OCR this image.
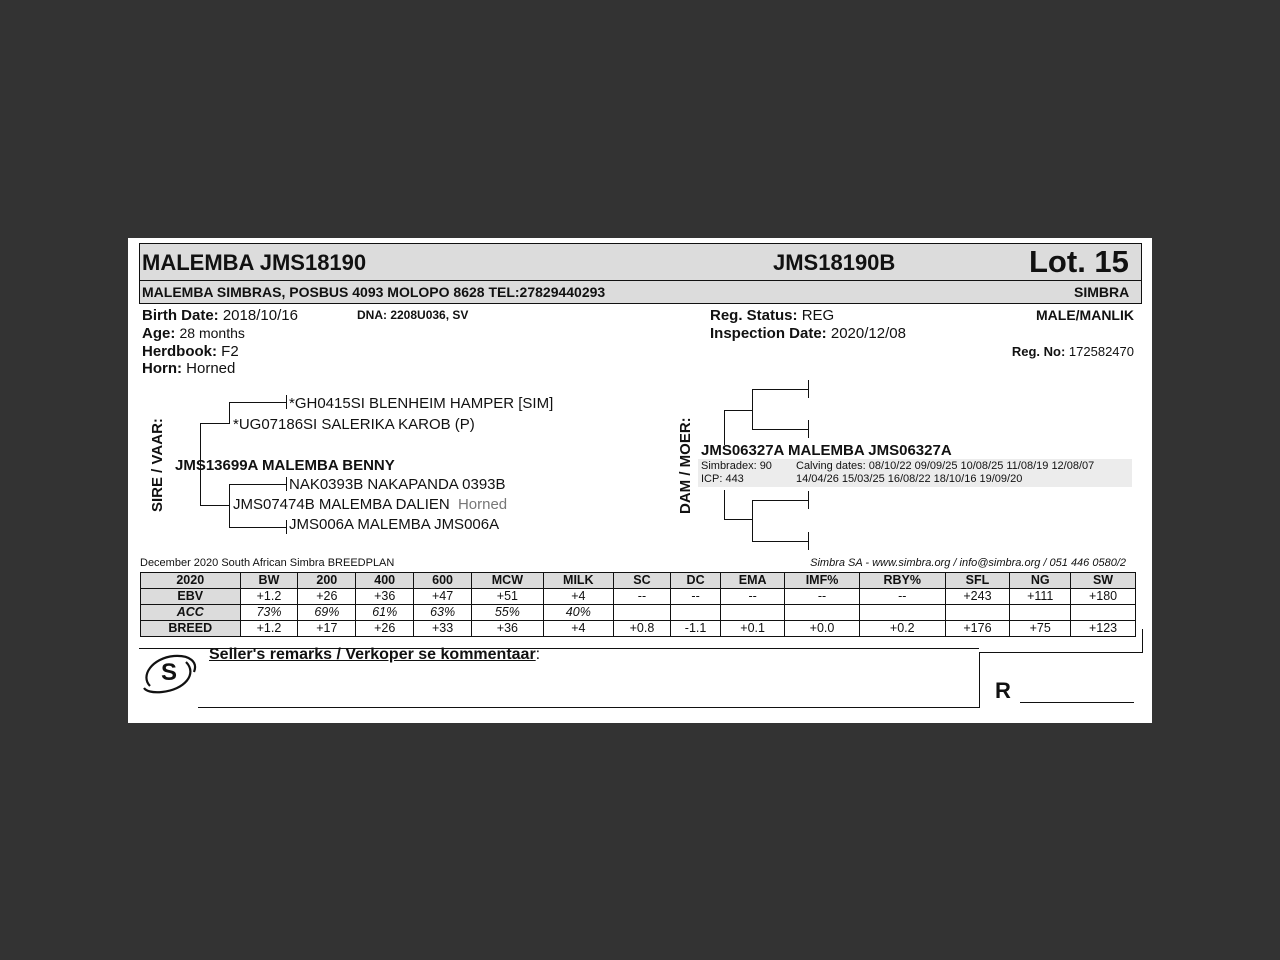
MALEMBA JMS18190	JMS18190B	Lot. 15
MALEMBA SIMBRAS, POSBUS 4093 MOLOPO 8628 TEL:27829440293	SIMBRA
Birth Date: 2018/10/16	DNA: 2208U036, SV
Age: 28 months
Herdbook: F2
Horn: Horned
Reg. Status: REG
Inspection Date: 2020/12/08
MALE/MANLIK
Reg. No: 172582470
SIRE / VAAR:
*GH0415SI BLENHEIM HAMPER [SIM]
*UG07186SI SALERIKA KAROB (P)
JMS13699A MALEMBA BENNY
NAK0393B NAKAPANDA 0393B
JMS07474B MALEMBA DALIEN Horned
JMS006A MALEMBA JMS006A
DAM / MOER: JMS06327A MALEMBA JMS06327A
Simbradex: 90
ICP: 443
Calving dates: 08/10/22 09/09/25 10/08/25 11/08/19 12/08/07
14/04/26 15/03/25 16/08/22 18/10/16 19/09/20
December 2020 South African Simbra BREEDPLAN	Simbra SA - www.simbra.org / info@simbra.org / 051 446 0580/2
2020	BW	200	400	600	MCW	MILK	SC	DC	EMA	IMF%	RBY%	SFL	NG	SW
EBV	+1.2	+26	+36	+47	+51	+4	--	--	--	--	--	+243	+111	+180
ACC	73%	69%	61%	63%	55%	40%								
BREED	+1.2	+17	+26	+33	+36	+4	+0.8	-1.1	+0.1	+0.0	+0.2	+176	+75	+123
S
Seller's remarks / Verkoper se kommentaar:
R
